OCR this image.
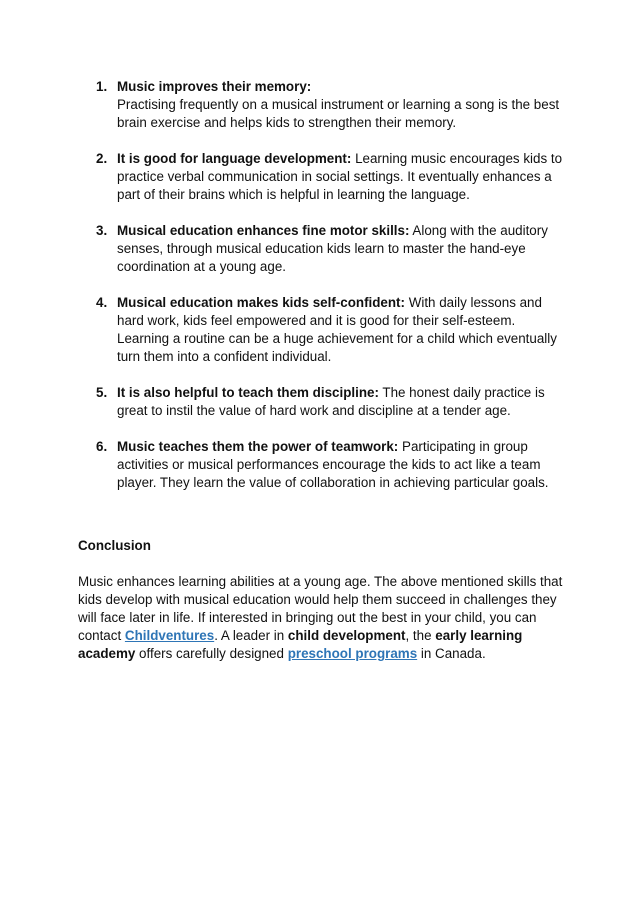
1. Music improves their memory:
Practising frequently on a musical instrument or learning a song is the best brain exercise and helps kids to strengthen their memory.
2. It is good for language development: Learning music encourages kids to practice verbal communication in social settings. It eventually enhances a part of their brains which is helpful in learning the language.
3. Musical education enhances fine motor skills: Along with the auditory senses, through musical education kids learn to master the hand-eye coordination at a young age.
4. Musical education makes kids self-confident: With daily lessons and hard work, kids feel empowered and it is good for their self-esteem. Learning a routine can be a huge achievement for a child which eventually turn them into a confident individual.
5. It is also helpful to teach them discipline: The honest daily practice is great to instil the value of hard work and discipline at a tender age.
6. Music teaches them the power of teamwork: Participating in group activities or musical performances encourage the kids to act like a team player. They learn the value of collaboration in achieving particular goals.
Conclusion

Music enhances learning abilities at a young age. The above mentioned skills that kids develop with musical education would help them succeed in challenges they will face later in life. If interested in bringing out the best in your child, you can contact Childventures. A leader in child development, the early learning academy offers carefully designed preschool programs in Canada.
